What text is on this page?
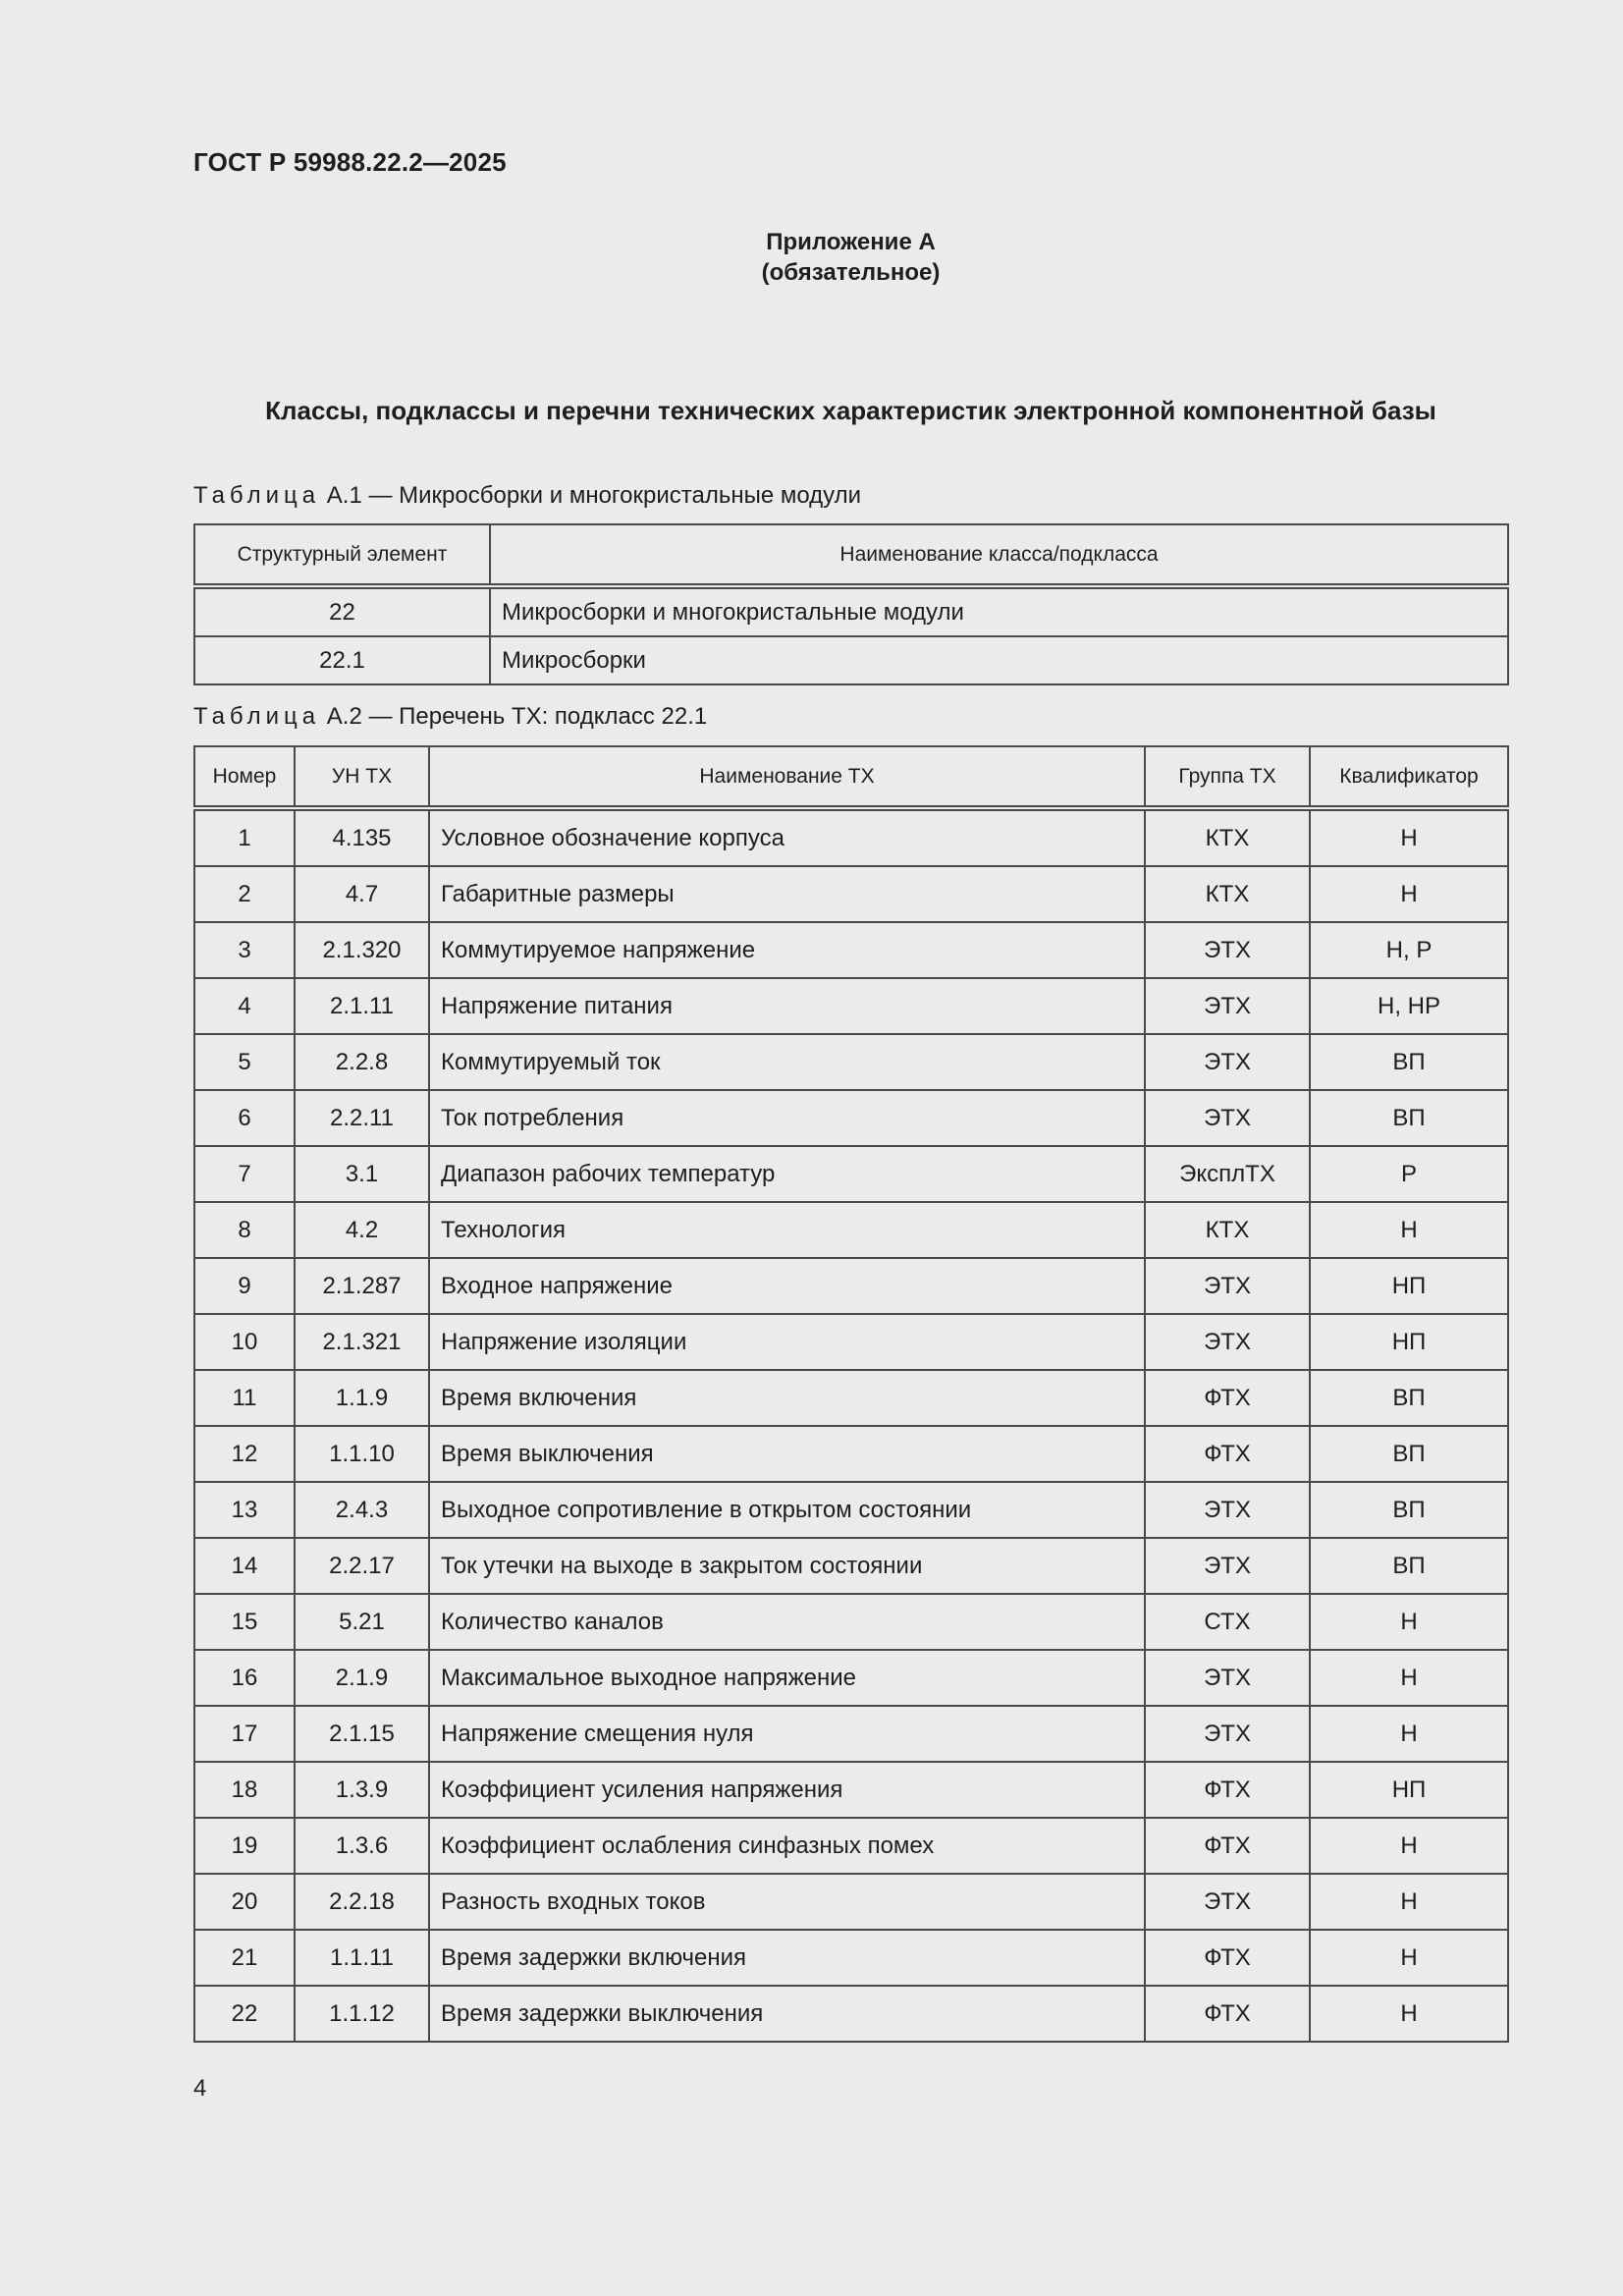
ГОСТ Р 59988.22.2—2025
Приложение А
(обязательное)
Классы, подклассы и перечни технических характеристик электронной компонентной базы
Таблица А.1 — Микросборки и многокристальные модули
Структурный элемент	Наименование класса/подкласса
22	Микросборки и многокристальные модули
22.1	Микросборки
Таблица А.2 — Перечень ТХ: подкласс 22.1
Номер	УН ТХ	Наименование ТХ	Группа ТХ	Квалификатор
1	4.135	Условное обозначение корпуса	КТХ	Н
2	4.7	Габаритные размеры	КТХ	Н
3	2.1.320	Коммутируемое напряжение	ЭТХ	Н, Р
4	2.1.11	Напряжение питания	ЭТХ	Н, НР
5	2.2.8	Коммутируемый ток	ЭТХ	ВП
6	2.2.11	Ток потребления	ЭТХ	ВП
7	3.1	Диапазон рабочих температур	ЭксплТХ	Р
8	4.2	Технология	КТХ	Н
9	2.1.287	Входное напряжение	ЭТХ	НП
10	2.1.321	Напряжение изоляции	ЭТХ	НП
11	1.1.9	Время включения	ФТХ	ВП
12	1.1.10	Время выключения	ФТХ	ВП
13	2.4.3	Выходное сопротивление в открытом состоянии	ЭТХ	ВП
14	2.2.17	Ток утечки на выходе в закрытом состоянии	ЭТХ	ВП
15	5.21	Количество каналов	СТХ	Н
16	2.1.9	Максимальное выходное напряжение	ЭТХ	Н
17	2.1.15	Напряжение смещения нуля	ЭТХ	Н
18	1.3.9	Коэффициент усиления напряжения	ФТХ	НП
19	1.3.6	Коэффициент ослабления синфазных помех	ФТХ	Н
20	2.2.18	Разность входных токов	ЭТХ	Н
21	1.1.11	Время задержки включения	ФТХ	Н
22	1.1.12	Время задержки выключения	ФТХ	Н
4
